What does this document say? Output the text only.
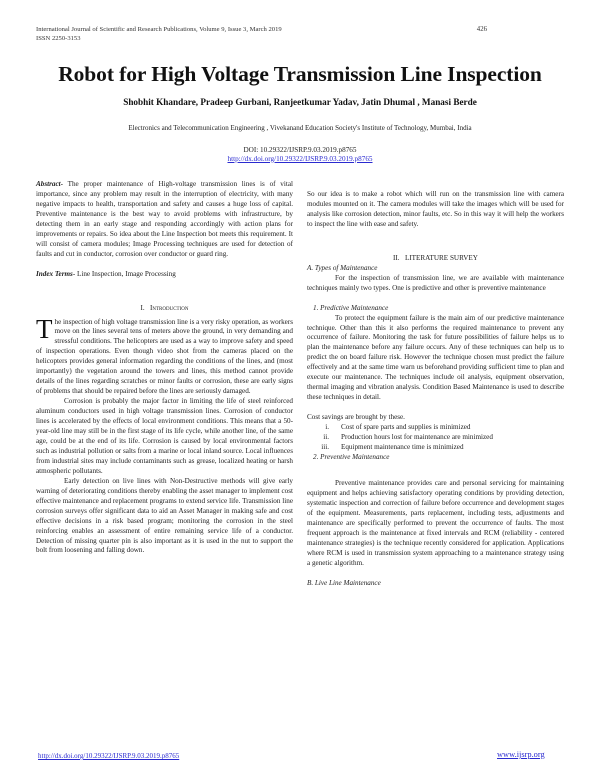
International Journal of Scientific and Research Publications, Volume 9, Issue 3, March 2019
ISSN 2250-3153
426
Robot for High Voltage Transmission Line Inspection
Shobhit Khandare, Pradeep Gurbani, Ranjeetkumar Yadav, Jatin Dhumal , Manasi Berde
Electronics and Telecommunication Engineering , Vivekanand Education Society's Institute of Technology, Mumbai, India
DOI: 10.29322/IJSRP.9.03.2019.p8765
http://dx.doi.org/10.29322/IJSRP.9.03.2019.p8765

Abstract- The proper maintenance of High-voltage transmission lines is of vital importance, since any problem may result in the interruption of electricity, with many negative impacts to health, transportation and safety and causes a huge loss of capital. Preventive maintenance is the best way to avoid problems with infrastructure, by detecting them in an early stage and responding accordingly with action plans for improvements or repairs. So idea about the Line Inspection bot meets this requirement. It will consist of camera modules; Image Processing techniques are used for detection of faults and cut in conductor, corrosion over conductor or guard ring.

Index Terms- Line Inspection, Image Processing

I. Introduction

The inspection of high voltage transmission line is a very risky operation, as workers move on the lines several tens of meters above the ground, in very demanding and stressful conditions. The helicopters are used as a way to improve safety and speed of inspection operations. Even though video shot from the cameras placed on the helicopters provides general information regarding the conditions of the lines, and (most importantly) the vegetation around the towers and lines, this method cannot provide details of the lines regarding scratches or minor faults or corrosion, these are early signs of problems that should be repaired before the lines are seriously damaged.

Corrosion is probably the major factor in limiting the life of steel reinforced aluminum conductors used in high voltage transmission lines. Corrosion of conductor lines is accelerated by the effects of local environment conditions. This means that a 50-year-old line may still be in the first stage of its life cycle, while another line, of the same age, could be at the end of its life. Corrosion is caused by local environmental factors such as industrial pollution or salts from a marine or local inland source. Local influences from industrial sites may include contaminants such as grease, localized heating or harsh atmospheric pollutants.

Early detection on live lines with Non-Destructive methods will give early warning of deteriorating conditions thereby enabling the asset manager to implement cost effective maintenance and replacement programs to extend service life. Transmission line corrosion surveys offer significant data to aid an Asset Manager in making safe and cost effective decisions in a risk based program; monitoring the corrosion in the steel reinforcing enables an assessment of entire remaining service life of a conductor. Detection of missing quarter pin is also important as it is used in the nut to support the bolt from loosening and falling down.

So our idea is to make a robot which will run on the transmission line with camera modules mounted on it. The camera modules will take the images which will be used for analysis like corrosion detection, minor faults, etc. So in this way it will help the workers to inspect the line with ease and safety.

II. LITERATURE SURVEY

A. Types of Maintenance

For the inspection of transmission line, we are available with maintenance techniques mainly two types. One is predictive and other is preventive maintenance

1. Predictive Maintenance

To protect the equipment failure is the main aim of our predictive maintenance technique. Other than this it also performs the required maintenance to prevent any occurrence of failure. Monitoring the task for future possibilities of failure helps us to plan the maintenance before any failure occurs. Any of these techniques can help us to predict the on board failure risk. However the technique chosen must predict the failure effectively and at the same time warn us beforehand providing sufficient time to plan and execute our maintenance. The techniques include oil analysis, equipment observation, thermal imaging and vibration analysis. Condition Based Maintenance is used to describe these techniques in detail.

Cost savings are brought by these.

i. Cost of spare parts and supplies is minimized
ii. Production hours lost for maintenance are minimized
iii. Equipment maintenance time is minimized

2. Preventive Maintenance

Preventive maintenance provides care and personal servicing for maintaining equipment and helps achieving satisfactory operating conditions by providing detection, systematic inspection and correction of failure before occurrence and development stages of the equipment. Measurements, parts replacement, including tests, adjustments and maintenance are specifically performed to prevent the occurrence of faults. The most frequent approach is the maintenance at fixed intervals and RCM (reliability - centered maintenance strategies) is the technique recently considered for application. Applications where RCM is used in transmission system approaching to a maintenance strategy using a genetic algorithm.

B. Live Line Maintenance

http://dx.doi.org/10.29322/IJSRP.9.03.2019.p8765	www.ijsrp.org
